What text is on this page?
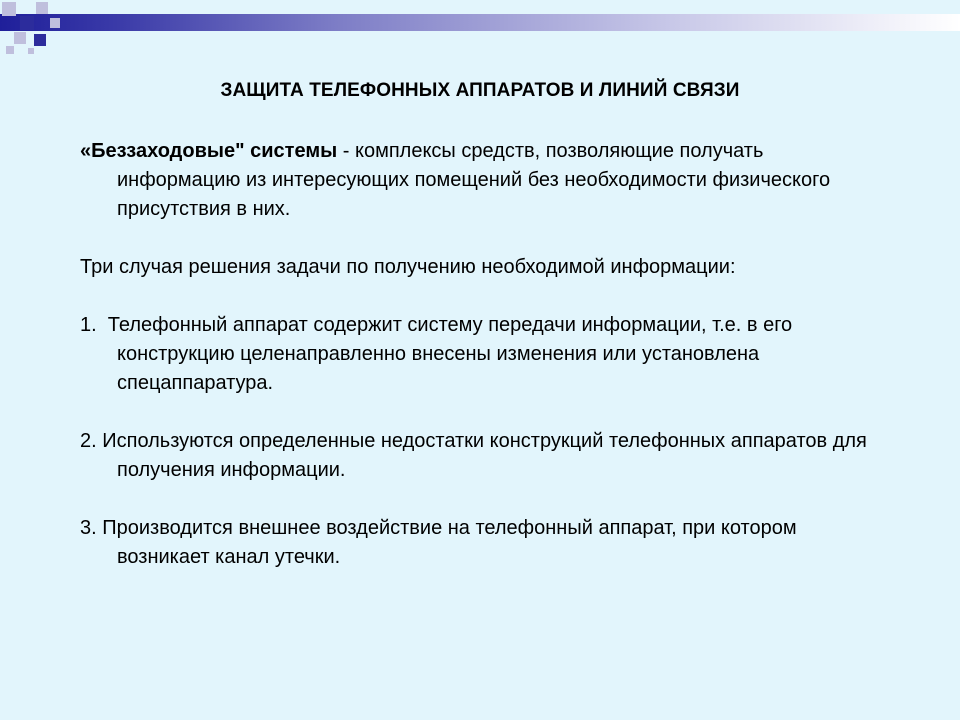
ЗАЩИТА ТЕЛЕФОННЫХ АППАРАТОВ И ЛИНИЙ СВЯЗИ

«Беззаходовые" системы - комплексы средств, позволяющие получать информацию из интересующих помещений без необходимости физического присутствия в них.

Три случая решения задачи по получению необходимой информации:

1.  Телефонный аппарат содержит систему передачи информации, т.е. в его конструкцию целенаправленно внесены изменения или установлена спецаппаратура.

2. Используются определенные недостатки конструкций телефонных аппаратов для получения информации.

3. Производится внешнее воздействие на телефонный аппарат, при котором возникает канал утечки.
